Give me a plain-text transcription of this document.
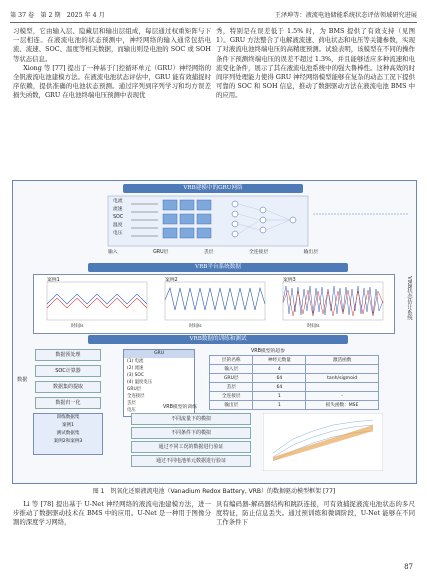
第 37 卷　第 2 期　2025 年 4 月	王泽坤等：液流电池储能系统状态评估领域研究进展

习模型，它由输入层、隐藏层和输出层组成，每层通过权重矩阵与下一层相连。在液流电池的状态预测中，神经网络的输入通常包括电流、流速、SOC、温度等相关数据，而输出则是电池的 SOC 或 SOH 等状态信息。

Xiong 等 [77] 提出了一种基于门控循环单元（GRU）神经网络的全钒液流电池建模方法。在液流电池状态评估中，GRU 能有效捕捉时序依赖，提供准确的电池状态预测。通过序列到序列学习和均方误差损失函数，GRU 在电池终端电压预测中表现优

秀，特别是在误差低于 1.5% 时，为 BMS 提供了有效支持（见图 1）。GRU 方法整合了电解液流速、荷电状态和电压等关键参数，实现了对液流电池终端电压的高精度预测。试验表明，该模型在不同的操作条件下预测终端电压的误差不超过 1.3%，并且能够适应多种流速和电流变化条件，展示了其在液流电池系统中的强大鲁棒性。这种高效的时间序列处理能力使得 GRU 神经网络模型能够在复杂的动态工况下提供可靠的 SOC 和 SOH 信息，推动了数据驱动方法在液流电池 BMS 中的应用。

VRB建模中的GRU网络
电流
流速
SOC
温度
电压
输入	GRU层	丢层	全连接层	输出层
VRB平台系统数据
案例1	案例2	案例3
时间/s	时间/s	时间/s
VRB数据的训练和测试
数据
数据预处理
SOC计算器
数据集的提取
数据归一化
训练数据集
案例1
测试数据集
案例2和案例3
GRU
(1) 电流
(2) 流速
(3) SOC
(4) 温度电压
GRU层
全连接层
丢层
电压
VRB模型的超参
层的名称	神经元数量	激活函数
输入层	4	
GRU层	64	tanh/sigmoid
丢层	64	
全连接层	1	-
输出层	1	损失函数：MSE
VRB模型的训练
不同流量下的模拟
不同条件下的模拟
通过不同工况的数据进行验证
通过不同电池单元数据进行验证
VRB状态估计系统
图 1　钒氧化还原液流电池（Vanadium Redox Battery, VRB）的数据驱动模型框架 [77]

Li 等 [78] 提出基于 U-Net 神经网络的液流电池建模方法，进一步推动了数据驱动技术在 BMS 中的应用。U-Net 是一种用于图像分割的深度学习网络，

具有编码器-解码器结构和跳跃连接，可有效捕捉液流电池状态的多尺度特征，防止信息丢失。通过预训练和微调阶段，U-Net 能够在不同工作条件下

87
